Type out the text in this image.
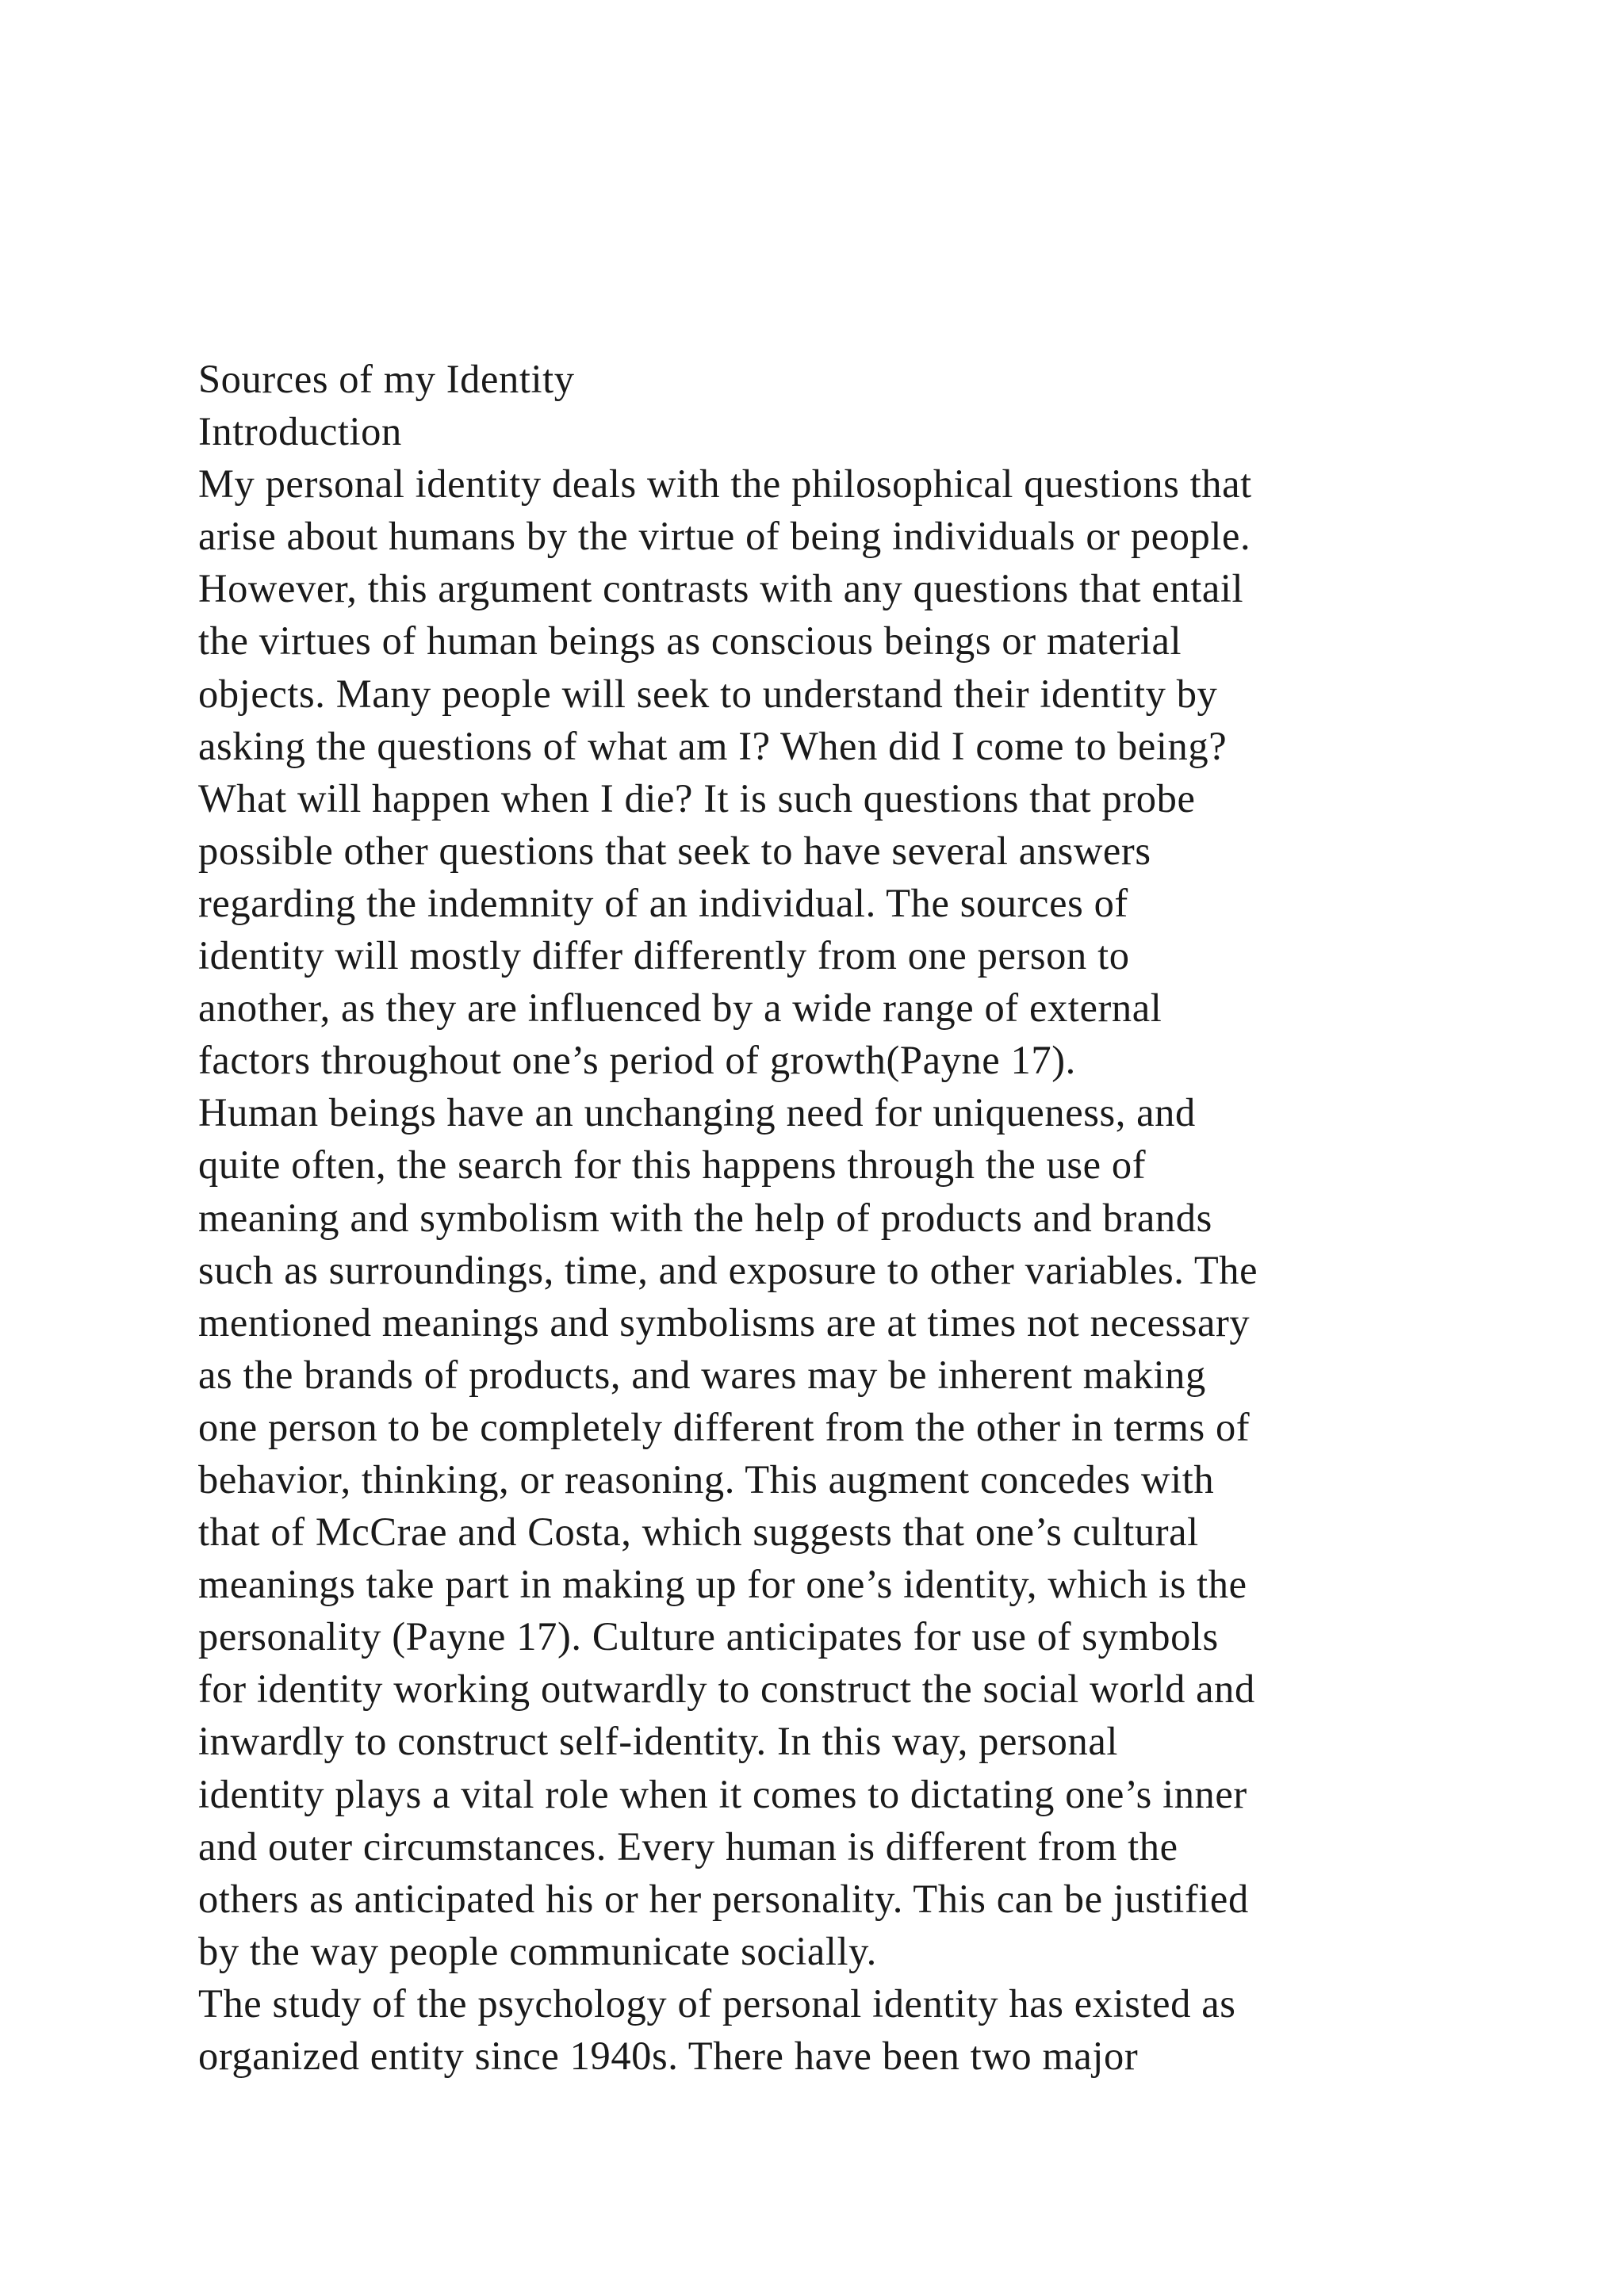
Sources of my Identity
Introduction
My personal identity deals with the philosophical questions that
arise about humans by the virtue of being individuals or people.
However, this argument contrasts with any questions that entail
the virtues of human beings as conscious beings or material
objects. Many people will seek to understand their identity by
asking the questions of what am I? When did I come to being?
What will happen when I die? It is such questions that probe
possible other questions that seek to have several answers
regarding the indemnity of an individual. The sources of
identity will mostly differ differently from one person to
another, as they are influenced by a wide range of external
factors throughout one’s period of growth(Payne 17).
Human beings have an unchanging need for uniqueness, and
quite often, the search for this happens through the use of
meaning and symbolism with the help of products and brands
such as surroundings, time, and exposure to other variables. The
mentioned meanings and symbolisms are at times not necessary
as the brands of products, and wares may be inherent making
one person to be completely different from the other in terms of
behavior, thinking, or reasoning. This augment concedes with
that of McCrae and Costa, which suggests that one’s cultural
meanings take part in making up for one’s identity, which is the
personality (Payne 17). Culture anticipates for use of symbols
for identity working outwardly to construct the social world and
inwardly to construct self-identity. In this way, personal
identity plays a vital role when it comes to dictating one’s inner
and outer circumstances. Every human is different from the
others as anticipated his or her personality. This can be justified
by the way people communicate socially.
The study of the psychology of personal identity has existed as
organized entity since 1940s. There have been two major
